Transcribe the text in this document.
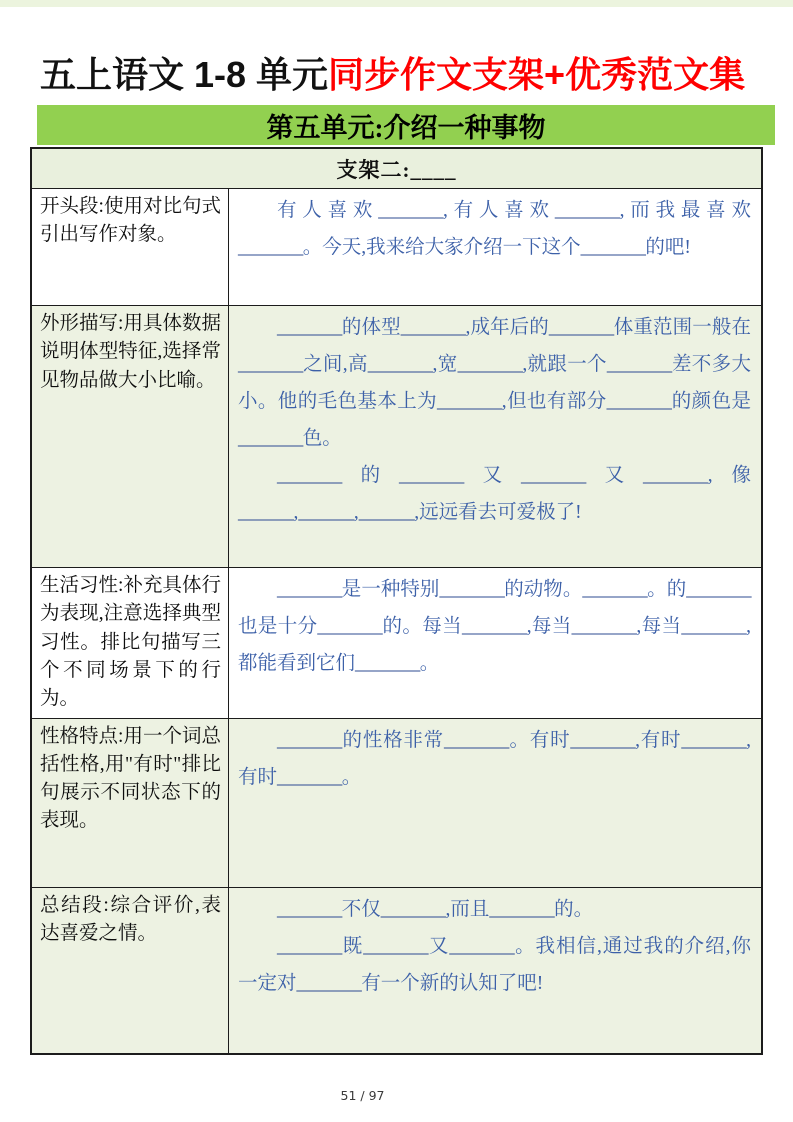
五上语文 1-8 单元同步作文支架+优秀范文集
第五单元:介绍一种事物
支架二:____
开头段:使用对比句式引出写作对象。
有人喜欢_______,有人喜欢_______,而我最喜欢_______。今天,我来给大家介绍一下这个_______的吧!
外形描写:用具体数据说明体型特征,选择常见物品做大小比喻。
_______的体型_______,成年后的_______体重范围一般在_______之间,高_______,宽_______,就跟一个_______差不多大小。他的毛色基本上为_______,但也有部分_______的颜色是_______色。
_______的_______又_______又_______,像______,______,______,远远看去可爱极了!
生活习性:补充具体行为表现,注意选择典型习性。排比句描写三个不同场景下的行为。
_______是一种特别_______的动物。_______。的_______也是十分_______的。每当_______,每当_______,每当_______,都能看到它们_______。
性格特点:用一个词总括性格,用"有时"排比句展示不同状态下的表现。
_______的性格非常_______。有时_______,有时_______,有时_______。
总结段:综合评价,表达喜爱之情。
_______不仅_______,而且_______的。
_______既_______又_______。我相信,通过我的介绍,你一定对_______有一个新的认知了吧!
51 / 97
